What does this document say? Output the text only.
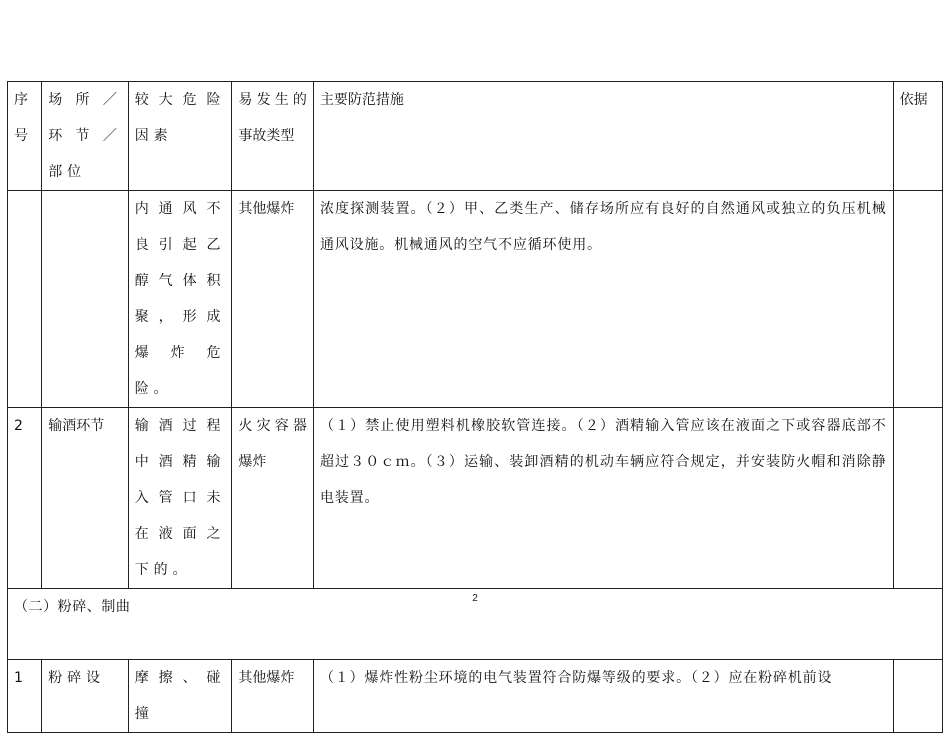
序号	场所／环节／部位	较大危险因素	易发生的事故类型	主要防范措施	依据
		内通风不良引起乙醇气体积聚，形成爆炸危险。	其他爆炸	浓度探测装置。（２）甲、乙类生产、储存场所应有良好的自然通风或独立的负压机械通风设施。机械通风的空气不应循环使用。	
2	输酒环节	输酒过程中酒精输入管口未在液面之下的。	火灾容器爆炸	（１）禁止使用塑料机橡胶软管连接。（２）酒精输入管应该在液面之下或容器底部不超过３０ｃｍ。（３）运输、装卸酒精的机动车辆应符合规定，并安装防火帽和消除静电装置。	

（二）粉碎、制曲					

1	粉碎设	摩擦、碰撞	其他爆炸	（１）爆炸性粉尘环境的电气装置符合防爆等级的要求。（２）应在粉碎机前设	
2
